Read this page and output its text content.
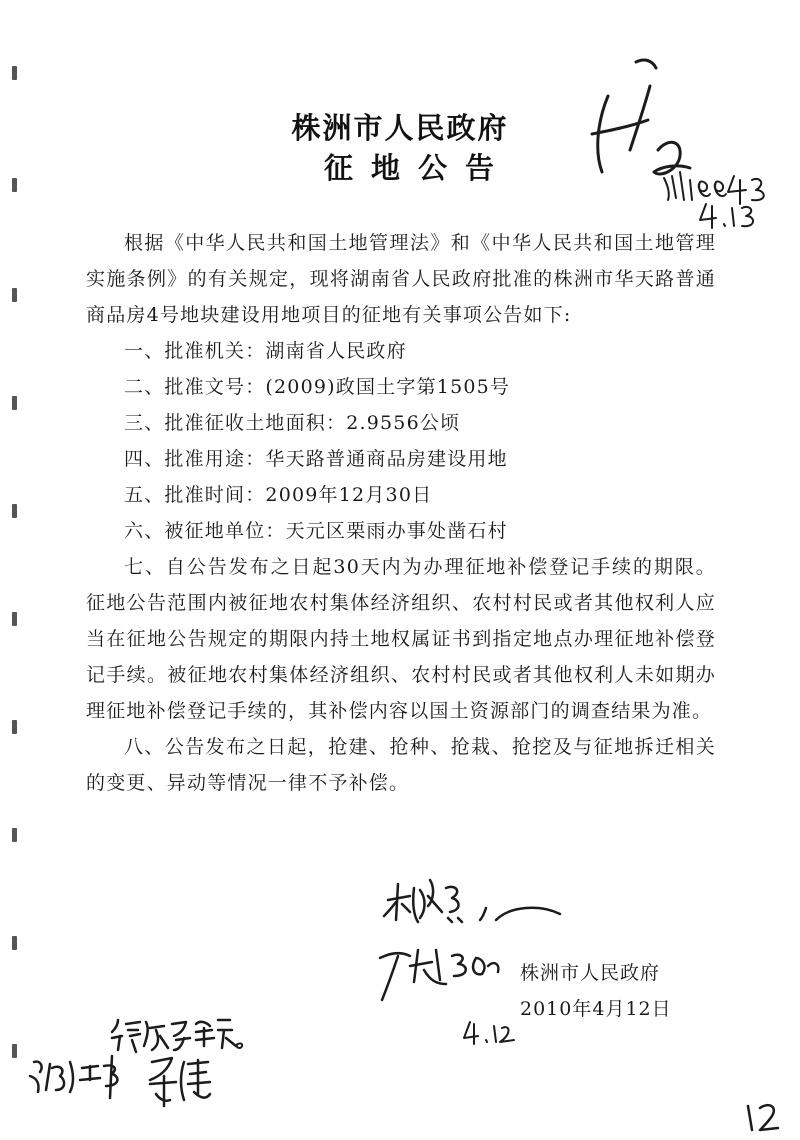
株洲市人民政府
征地公告

根据《中华人民共和国土地管理法》和《中华人民共和国土地管理实施条例》的有关规定，现将湖南省人民政府批准的株洲市华天路普通商品房4号地块建设用地项目的征地有关事项公告如下:

一、批准机关：湖南省人民政府

二、批准文号：(2009)政国土字第1505号

三、批准征收土地面积：2.9556公顷

四、批准用途：华天路普通商品房建设用地

五、批准时间：2009年12月30日

六、被征地单位：天元区栗雨办事处凿石村

七、自公告发布之日起30天内为办理征地补偿登记手续的期限。征地公告范围内被征地农村集体经济组织、农村村民或者其他权利人应当在征地公告规定的期限内持土地权属证书到指定地点办理征地补偿登记手续。被征地农村集体经济组织、农村村民或者其他权利人未如期办理征地补偿登记手续的，其补偿内容以国土资源部门的调查结果为准。

八、公告发布之日起，抢建、抢种、抢栽、抢挖及与征地拆迁相关的变更、异动等情况一律不予补偿。

株洲市人民政府
2010年4月12日
